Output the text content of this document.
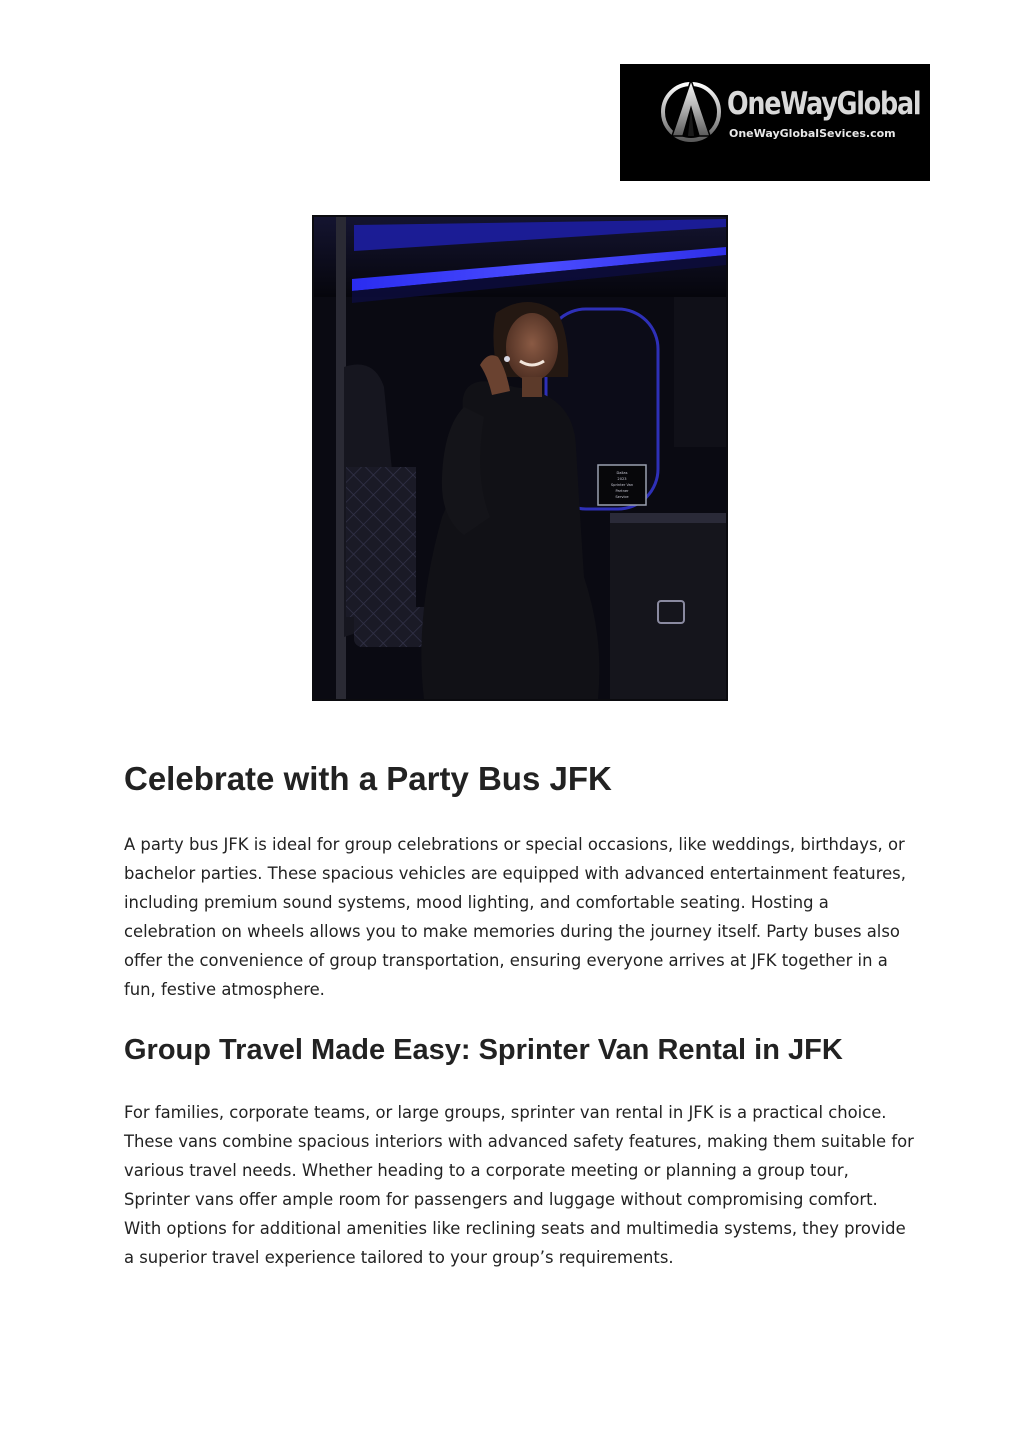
OneWayGlobal
OneWayGlobalSevices.com
Dallas
2023
Sprinter Van
Partner
Service
Celebrate with a Party Bus JFK

A party bus JFK is ideal for group celebrations or special occasions, like weddings, birthdays, or bachelor parties. These spacious vehicles are equipped with advanced entertainment features, including premium sound systems, mood lighting, and comfortable seating. Hosting a celebration on wheels allows you to make memories during the journey itself. Party buses also offer the convenience of group transportation, ensuring everyone arrives at JFK together in a fun, festive atmosphere.

Group Travel Made Easy: Sprinter Van Rental in JFK

For families, corporate teams, or large groups, sprinter van rental in JFK is a practical choice. These vans combine spacious interiors with advanced safety features, making them suitable for various travel needs. Whether heading to a corporate meeting or planning a group tour, Sprinter vans offer ample room for passengers and luggage without compromising comfort. With options for additional amenities like reclining seats and multimedia systems, they provide a superior travel experience tailored to your group’s requirements.
